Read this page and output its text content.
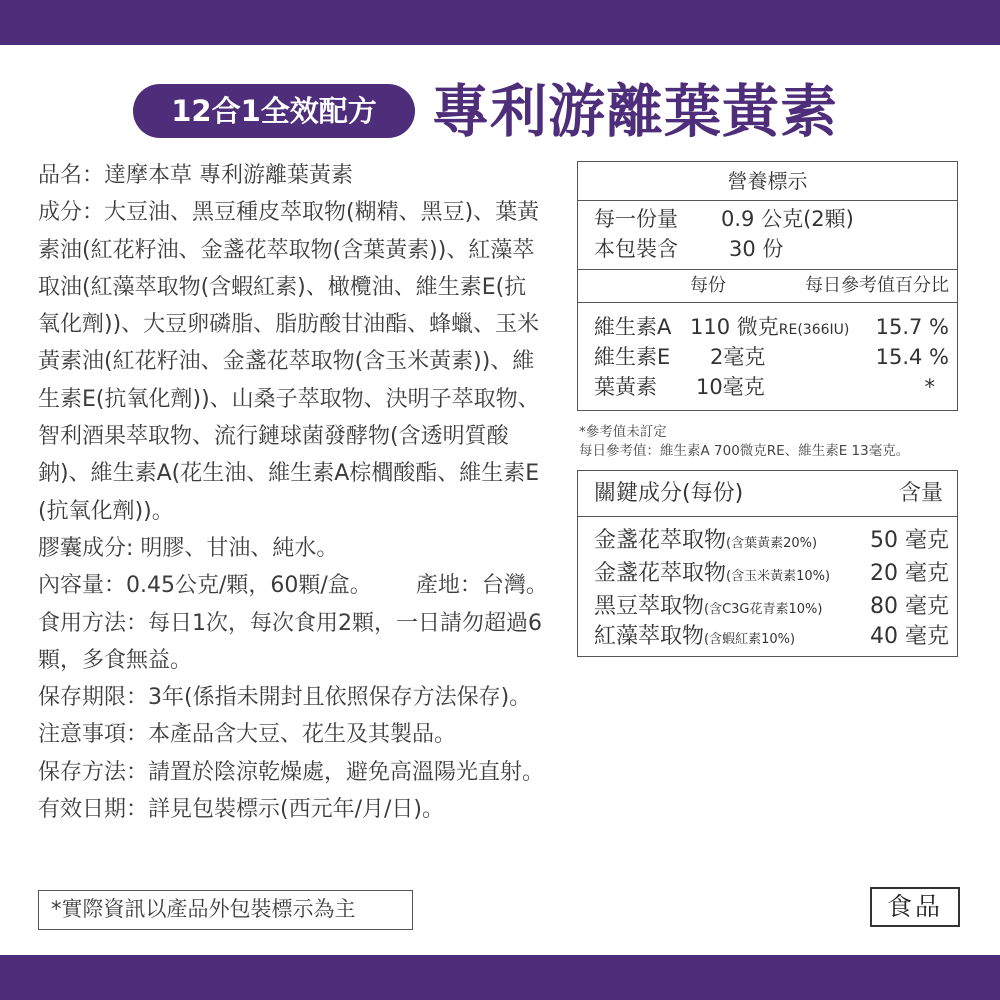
12合1全效配方 專利游離葉黃素

品名：達摩本草 專利游離葉黃素

成分：大豆油、黑豆種皮萃取物(糊精、黑豆)、葉黃

素油(紅花籽油、金盞花萃取物(含葉黃素))、紅藻萃

取油(紅藻萃取物(含蝦紅素)、橄欖油、維生素E(抗

氧化劑))、大豆卵磷脂、脂肪酸甘油酯、蜂蠟、玉米

黃素油(紅花籽油、金盞花萃取物(含玉米黃素))、維

生素E(抗氧化劑))、山桑子萃取物、決明子萃取物、

智利酒果萃取物、流行鏈球菌發酵物(含透明質酸

鈉)、維生素A(花生油、維生素A棕櫚酸酯、維生素E

(抗氧化劑))。

膠囊成分: 明膠、甘油、純水。

內容量：0.45公克/顆，60顆/盒。 產地：台灣。

食用方法：每日1次，每次食用2顆，一日請勿超過6

顆，多食無益。

保存期限：3年(係指未開封且依照保存方法保存)。

注意事項：本產品含大豆、花生及其製品。

保存方法：請置於陰涼乾燥處，避免高溫陽光直射。

有效日期：詳見包裝標示(西元年/月/日)。

營養標示
每一份量 0.9 公克(2顆)
本包裝含 30 份
每份	每日參考值百分比
維生素A 110 微克RE(366IU) 15.7 %
維生素E 2毫克	15.4 %
葉黃素 10毫克	*
*參考值未訂定
每日參考值：維生素A 700微克RE、維生素E 13毫克。
關鍵成分(每份)	含量
金盞花萃取物(含葉黃素20%) 50 毫克
金盞花萃取物(含玉米黃素10%) 20 毫克
黑豆萃取物(含C3G花青素10%) 80 毫克
紅藻萃取物(含蝦紅素10%)	40 毫克
*實際資訊以產品外包裝標示為主	食品
